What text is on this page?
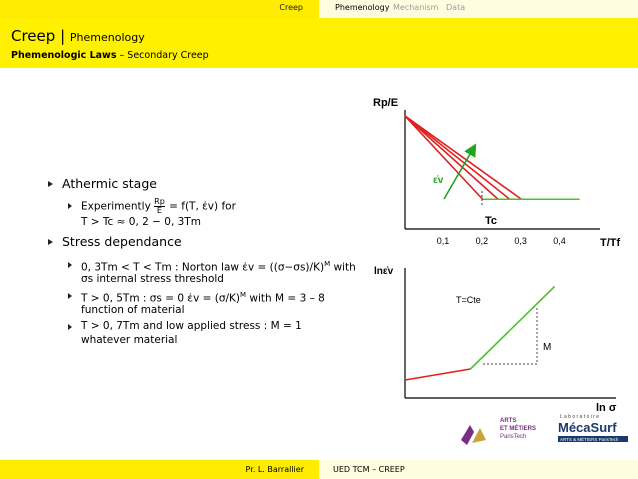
Creep	Phemenology Mechanism Data
Creep | Phemenology
Phemenologic Laws – Secondary Creep
Athermic stage
Experimently $\frac{Rp}{E} = f(T$, ε̇v) for
T > Tc ≈ 0, 2 − 0, 3Tm
Stress dependance
0, 3Tm < T < Tm : Norton law ε̇v = $((\sigma-\sigma s)/K)^M$ with
σs internal stress threshold
T > 0, 5Tm : σs = 0 ε̇v = $(\sigma/K)^M$ with M = 3 – 8
function of material
T > 0, 7Tm and low applied stress : M = 1
whatever material
Rp/E
T/Tf
Tc
ε̇v
0,1	0,2	0,3	0,4
lnε̇v
ln σ
M
T=Cte
ARTS
ET MÉTIERS
ParisTech
L a b o r a t o i r e
MécaSurf
ARTS & MÉTIERS ParisTech
Pr. L. Barrallier	UED TCM – CREEP
